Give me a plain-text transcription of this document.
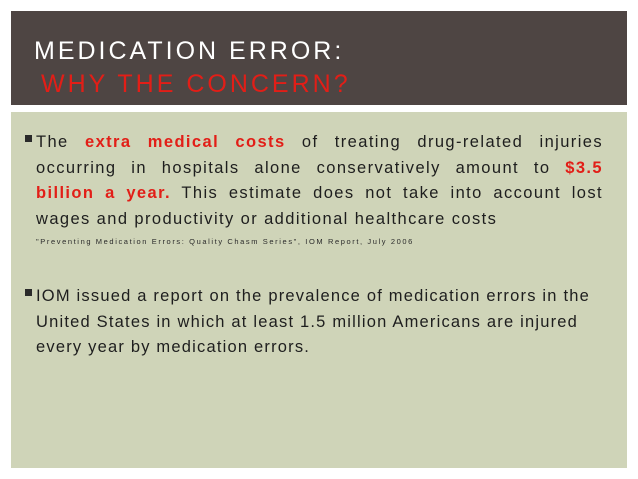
MEDICATION ERROR:
WHY THE CONCERN?
The extra medical costs of treating drug-related injuries occurring in hospitals alone conservatively amount to $3.5 billion a year. This estimate does not take into account lost wages and productivity or additional healthcare costs
"Preventing Medication Errors: Quality Chasm Series", IOM Report, July 2006
IOM issued a report on the prevalence of medication errors in the United States in which at least 1.5 million Americans are injured every year by medication errors.
